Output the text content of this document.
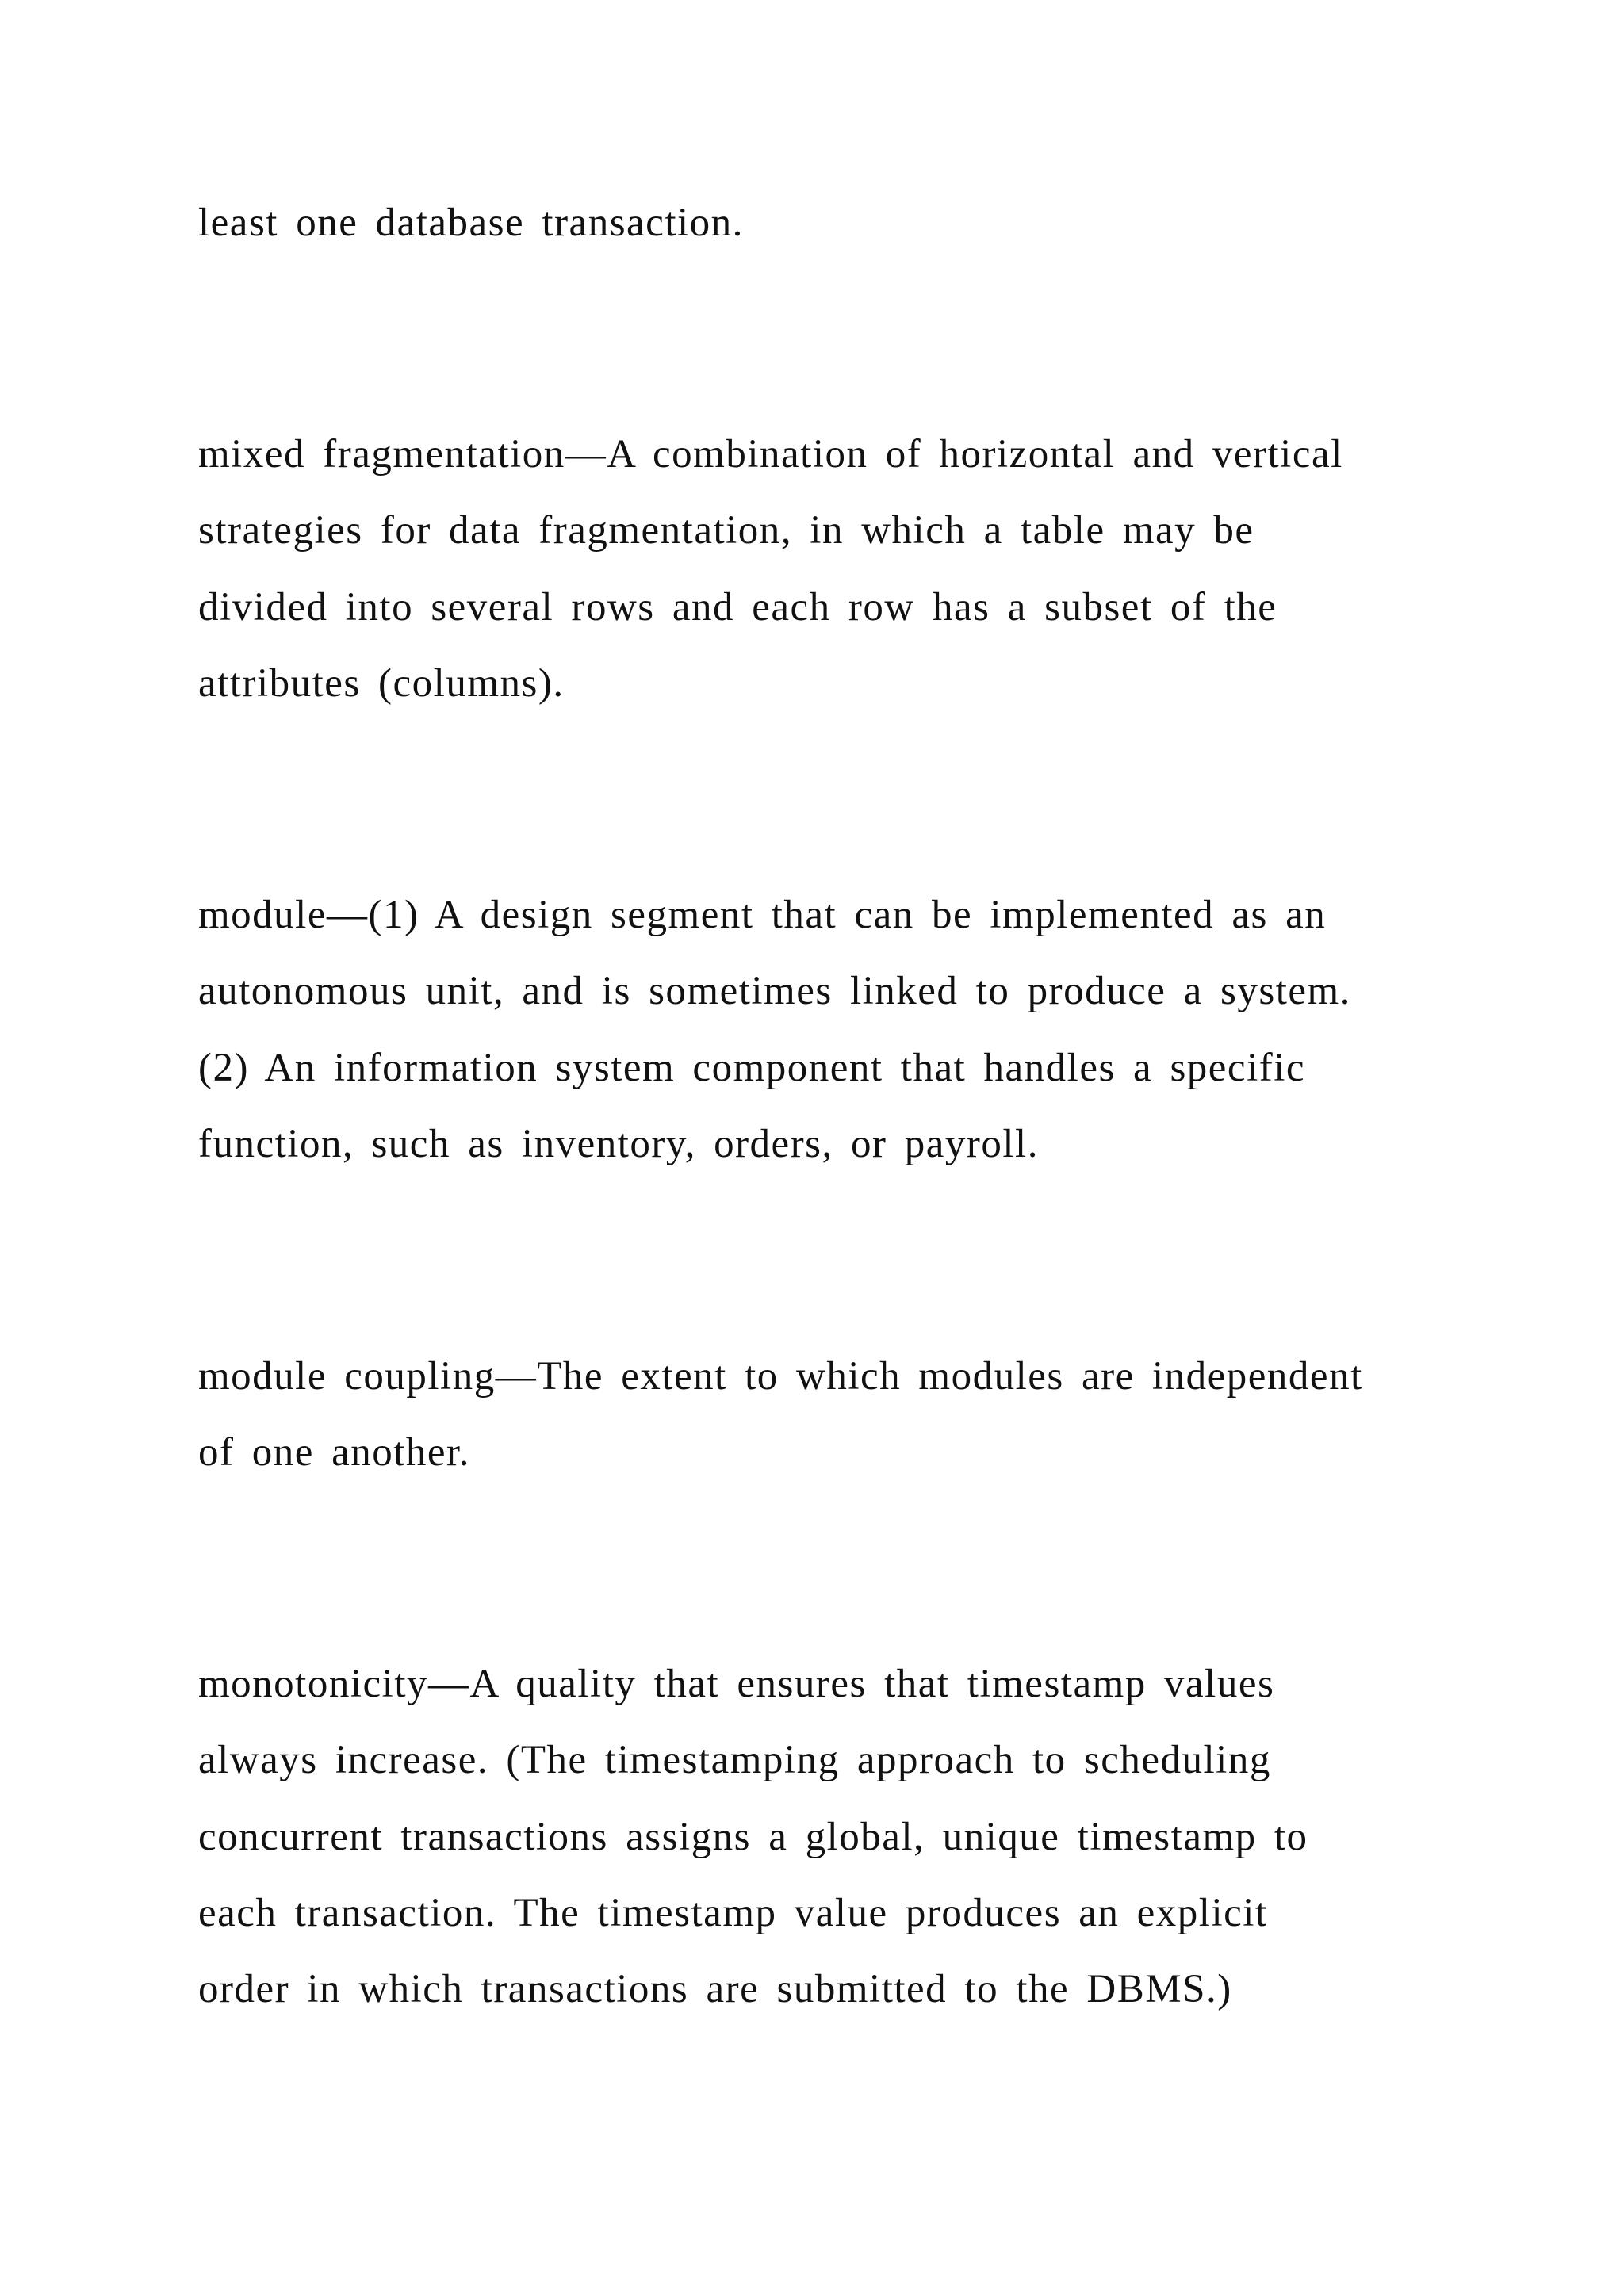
least one database transaction.

mixed fragmentation—A combination of horizontal and vertical

strategies for data fragmentation, in which a table may be

divided into several rows and each row has a subset of the

attributes (columns).

module—(1) A design segment that can be implemented as an

autonomous unit, and is sometimes linked to produce a system.

(2) An information system component that handles a specific

function, such as inventory, orders, or payroll.

module coupling—The extent to which modules are independent

of one another.

monotonicity—A quality that ensures that timestamp values

always increase. (The timestamping approach to scheduling

concurrent transactions assigns a global, unique timestamp to

each transaction. The timestamp value produces an explicit

order in which transactions are submitted to the DBMS.)
